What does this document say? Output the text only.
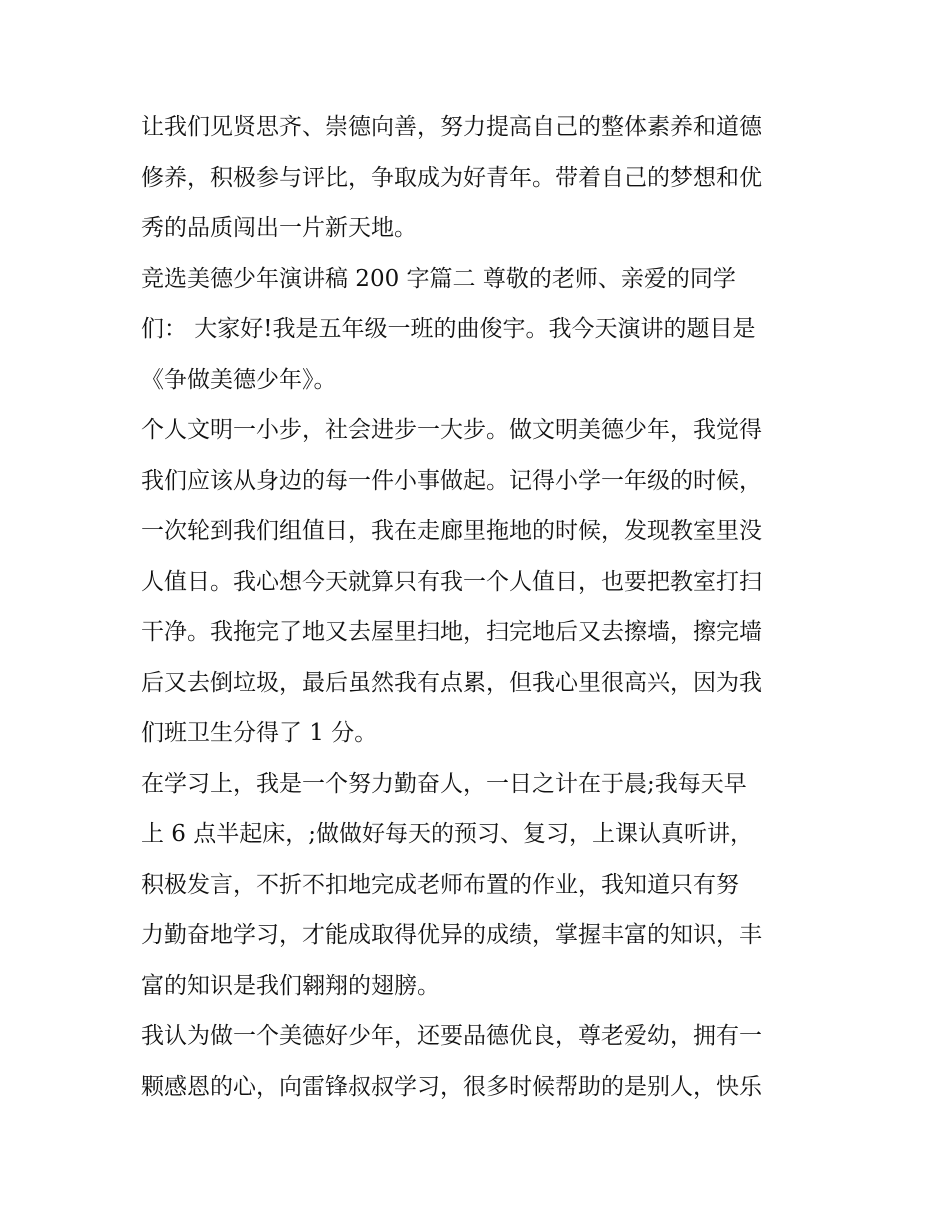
让我们见贤思齐、崇德向善，努力提高自己的整体素养和道德
修养，积极参与评比，争取成为好青年。带着自己的梦想和优
秀的品质闯出一片新天地。
竞选美德少年演讲稿 200 字篇二 尊敬的老师、亲爱的同学
们： 大家好!我是五年级一班的曲俊宇。我今天演讲的题目是
《争做美德少年》。
个人文明一小步，社会进步一大步。做文明美德少年，我觉得
我们应该从身边的每一件小事做起。记得小学一年级的时候，
一次轮到我们组值日，我在走廊里拖地的时候，发现教室里没
人值日。我心想今天就算只有我一个人值日，也要把教室打扫
干净。我拖完了地又去屋里扫地，扫完地后又去擦墙，擦完墙
后又去倒垃圾，最后虽然我有点累，但我心里很高兴，因为我
们班卫生分得了 1 分。
在学习上，我是一个努力勤奋人，一日之计在于晨;我每天早
上 6 点半起床，;做做好每天的预习、复习，上课认真听讲，
积极发言，不折不扣地完成老师布置的作业，我知道只有努
力勤奋地学习，才能成取得优异的成绩，掌握丰富的知识，丰
富的知识是我们翱翔的翅膀。
我认为做一个美德好少年，还要品德优良，尊老爱幼，拥有一
颗感恩的心，向雷锋叔叔学习，很多时候帮助的是别人，快乐
